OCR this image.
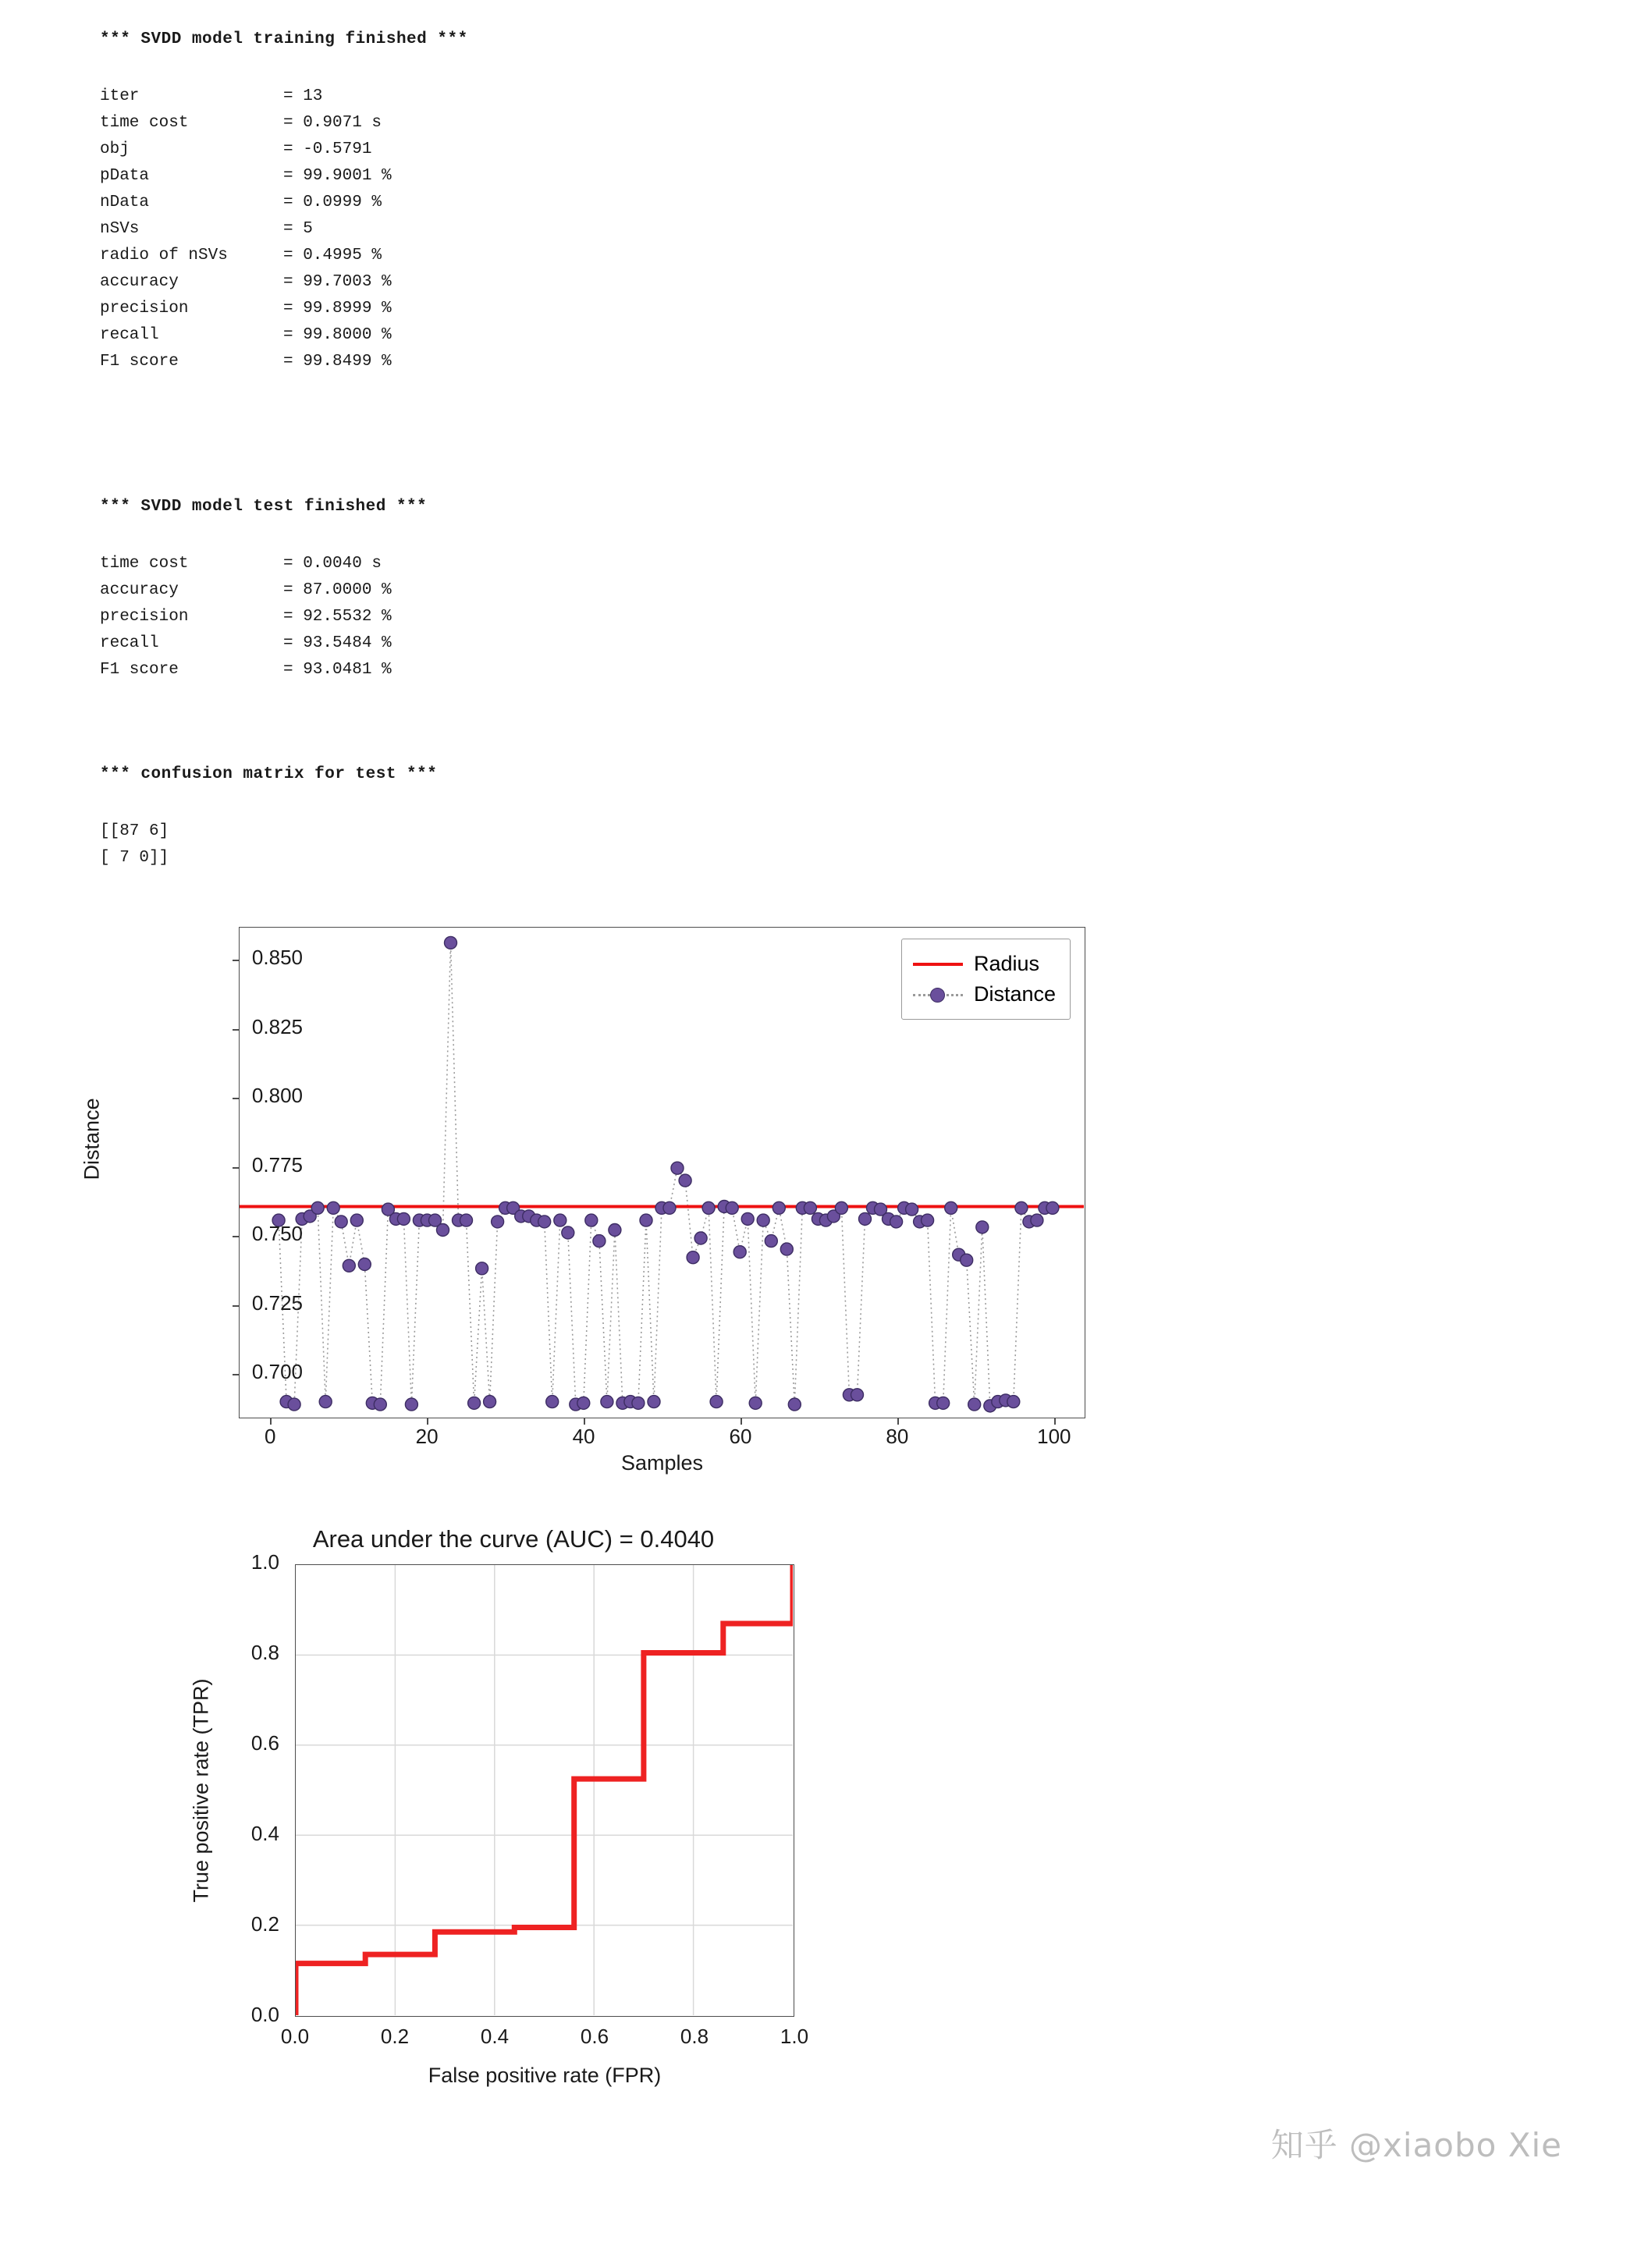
*** SVDD model training finished ***
iter	= 13
time cost	= 0.9071 s
obj	= -0.5791
pData	= 99.9001 %
nData	= 0.0999 %
nSVs	= 5
radio of nSVs	= 0.4995 %
accuracy	= 99.7003 %
precision	= 99.8999 %
recall	= 99.8000 %
F1 score	= 99.8499 %
*** SVDD model test finished ***
time cost	= 0.0040 s
accuracy	= 87.0000 %
precision	= 92.5532 %
recall	= 93.5484 %
F1 score	= 93.0481 %
*** confusion matrix for test ***
[[87 6]
[ 7 0]]
Distance
Samples
Radius
Distance
0.700
0.725
0.750
0.775
0.800
0.825
0.850
0	20	40	60	80	100
Area under the curve (AUC) = 0.4040
True positive rate (TPR)
False positive rate (FPR)
0.0
0.2
0.4
0.6
0.8
1.0
0.0	0.2	0.4	0.6	0.8	1.0
知乎 @xiaobo Xie
